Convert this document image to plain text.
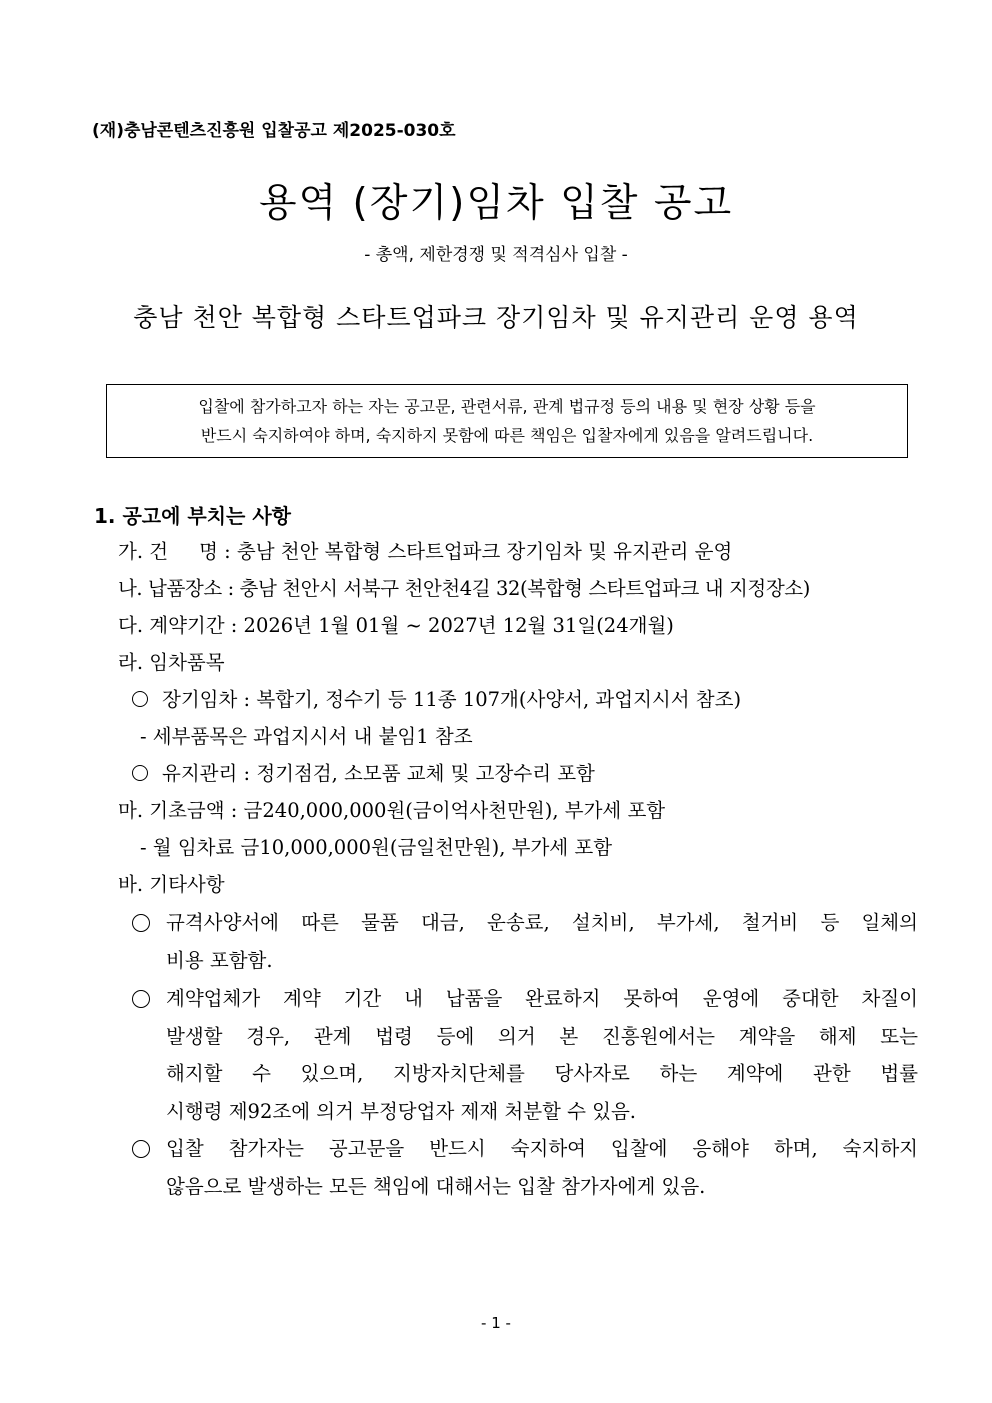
(재)충남콘텐츠진흥원 입찰공고 제2025-030호
용역 (장기)임차 입찰 공고
- 총액, 제한경쟁 및 적격심사 입찰 -
충남 천안 복합형 스타트업파크 장기임차 및 유지관리 운영 용역
입찰에 참가하고자 하는 자는 공고문, 관련서류, 관계 법규정 등의 내용 및 현장 상황 등을
반드시 숙지하여야 하며, 숙지하지 못함에 따른 책임은 입찰자에게 있음을 알려드립니다.
1. 공고에 부치는 사항
가. 건     명 : 충남 천안 복합형 스타트업파크 장기임차 및 유지관리 운영
나. 납품장소 : 충남 천안시 서북구 천안천4길 32(복합형 스타트업파크 내 지정장소)
다. 계약기간 : 2026년 1월 01월 ~ 2027년 12월 31일(24개월)
라. 임차품목
장기임차 : 복합기, 정수기 등 11종 107개(사양서, 과업지시서 참조)
- 세부품목은 과업지시서 내 붙임1 참조
유지관리 : 정기점검, 소모품 교체 및 고장수리 포함
마. 기초금액 : 금240,000,000원(금이억사천만원), 부가세 포함
- 월 임차료 금10,000,000원(금일천만원), 부가세 포함
바. 기타사항
규격사양서에 따른 물품 대금, 운송료, 설치비, 부가세, 철거비 등 일체의
비용 포함함.
계약업체가 계약 기간 내 납품을 완료하지 못하여 운영에 중대한 차질이
발생할 경우, 관계 법령 등에 의거 본 진흥원에서는 계약을 해제 또는
해지할 수 있으며, 지방자치단체를 당사자로 하는 계약에 관한 법률
시행령 제92조에 의거 부정당업자 제재 처분할 수 있음.
입찰 참가자는 공고문을 반드시 숙지하여 입찰에 응해야 하며, 숙지하지
않음으로 발생하는 모든 책임에 대해서는 입찰 참가자에게 있음.
- 1 -
